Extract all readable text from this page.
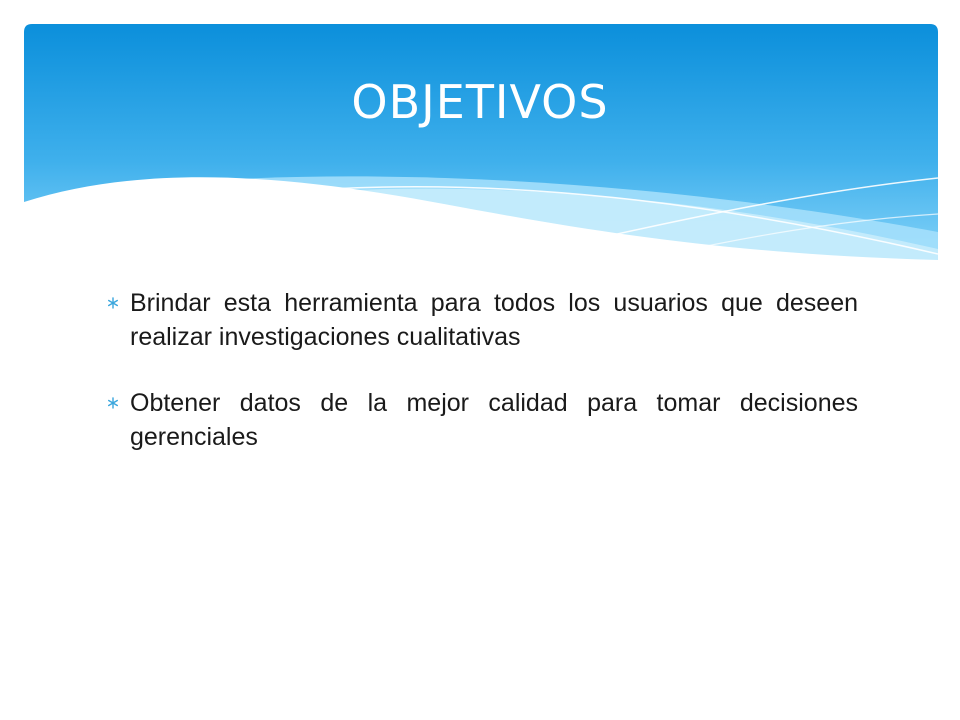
OBJETIVOS
Brindar esta herramienta para todos los usuarios que deseen realizar investigaciones cualitativas
Obtener datos de la mejor calidad para tomar decisiones gerenciales
